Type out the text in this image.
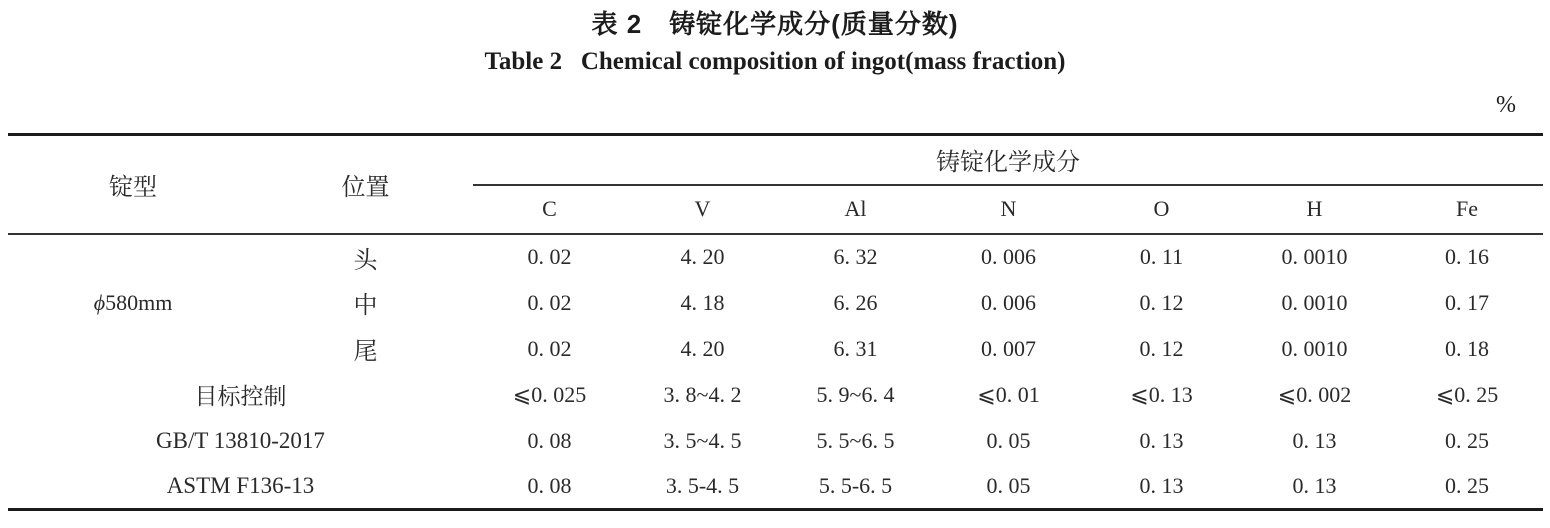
表 2　铸锭化学成分(质量分数)
Table 2   Chemical composition of ingot(mass fraction)
%
锭型	位置	铸锭化学成分						
		C	V	Al	N	O	H	Fe
ϕ580mm	头	0. 02	4. 20	6. 32	0. 006	0. 11	0. 0010	0. 16
	中	0. 02	4. 18	6. 26	0. 006	0. 12	0. 0010	0. 17
	尾	0. 02	4. 20	6. 31	0. 007	0. 12	0. 0010	0. 18
目标控制		⩽0. 025	3. 8~4. 2	5. 9~6. 4	⩽0. 01	⩽0. 13	⩽0. 002	⩽0. 25
GB/T 13810-2017		0. 08	3. 5~4. 5	5. 5~6. 5	0. 05	0. 13	0. 13	0. 25
ASTM F136-13		0. 08	3. 5-4. 5	5. 5-6. 5	0. 05	0. 13	0. 13	0. 25
